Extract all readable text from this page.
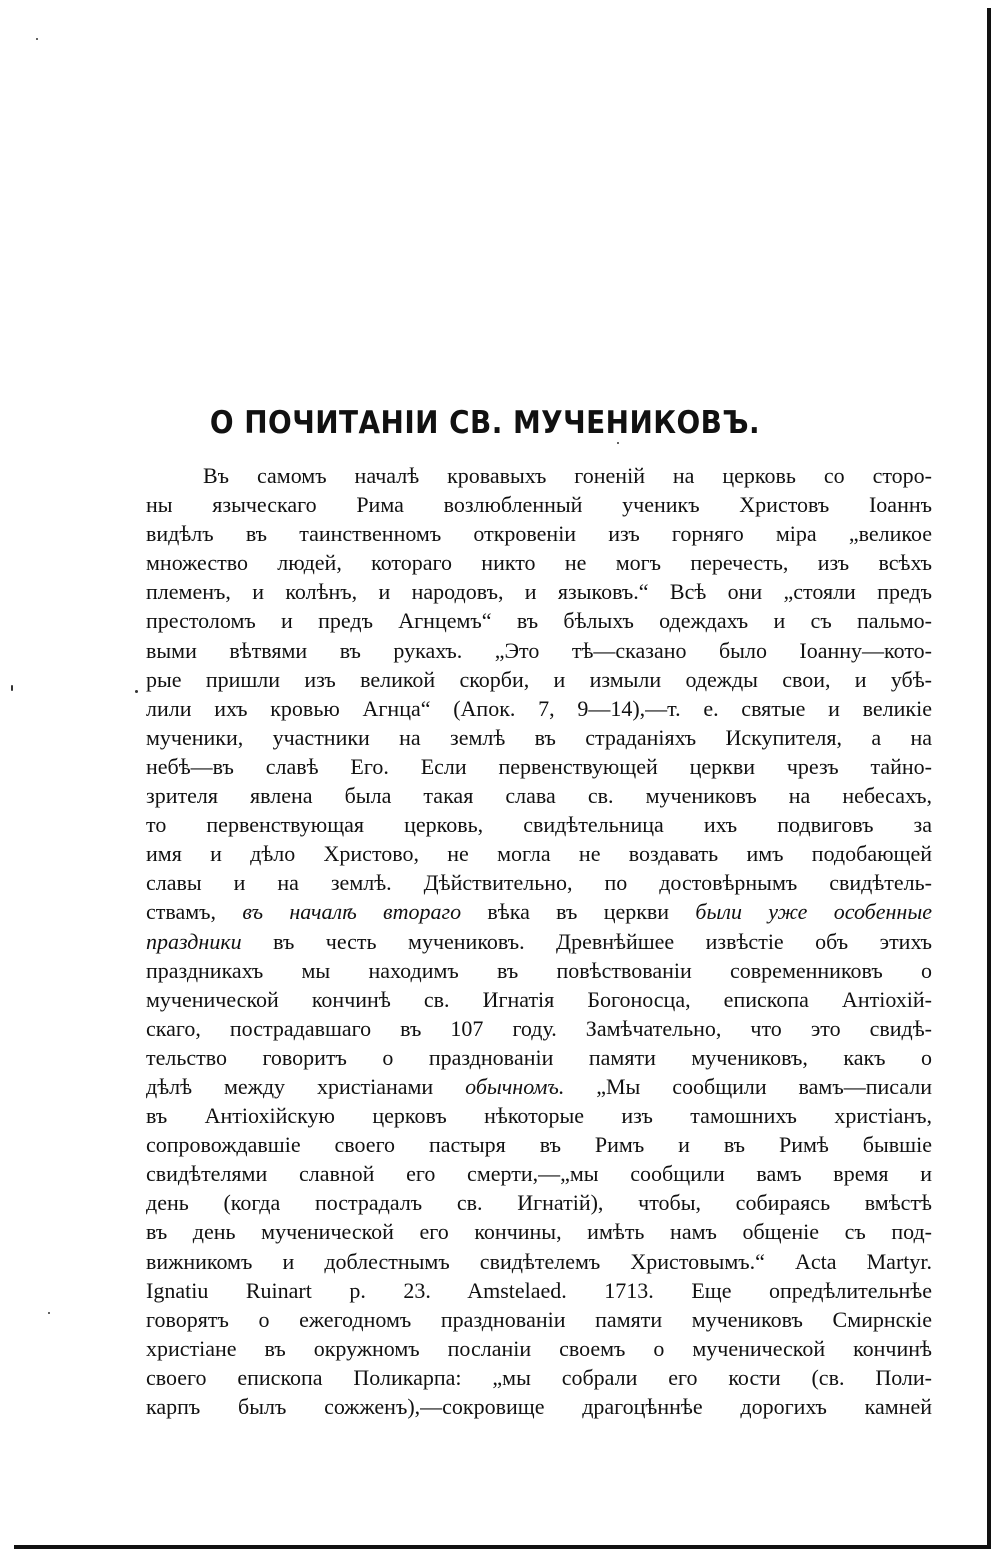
О ПОЧИТАНІИ СВ. МУЧЕНИКОВЪ.
Въ самомъ началѣ кровавыхъ гоненій на церковь со сторо-
ны языческаго Рима возлюбленный ученикъ Христовъ Іоаннъ
видѣлъ въ таинственномъ откровеніи изъ горняго міра „великое
множество людей, котораго никто не могъ перечесть, изъ всѣхъ
племенъ, и колѣнъ, и народовъ, и языковъ.“ Всѣ они „стояли предъ
престоломъ и предъ Агнцемъ“ въ бѣлыхъ одеждахъ и съ пальмо-
выми вѣтвями въ рукахъ. „Это тѣ—сказано было Іоанну—кото-
рые пришли изъ великой скорби, и измыли одежды свои, и убѣ-
лили ихъ кровью Агнца“ (Апок. 7, 9—14),—т. е. святые и великіе
мученики, участники на землѣ въ страданіяхъ Искупителя, а на
небѣ—въ славѣ Его. Если первенствующей церкви чрезъ тайно-
зрителя явлена была такая слава св. мучениковъ на небесахъ,
то первенствующая церковь, свидѣтельница ихъ подвиговъ за
имя и дѣло Христово, не могла не воздавать имъ подобающей
славы и на землѣ. Дѣйствительно, по достовѣрнымъ свидѣтель-
ствамъ, въ началѣ втораго вѣка въ церкви были уже особенные
праздники въ честь мучениковъ. Древнѣйшее извѣстіе объ этихъ
праздникахъ мы находимъ въ повѣствованіи современниковъ о
мученической кончинѣ св. Игнатія Богоносца, епископа Антіохій-
скаго, пострадавшаго въ 107 году. Замѣчательно, что это свидѣ-
тельство говоритъ о праздновaніи памяти мучениковъ, какъ о
дѣлѣ между христіанами обычномъ. „Мы сообщили вамъ—писали
въ Антіохійскую церковъ нѣкоторые изъ тамошнихъ христіанъ,
сопровождавшіе своего пастыря въ Римъ и въ Римѣ бывшіе
свидѣтелями славной его смерти,—„мы сообщили вамъ время и
день (когда пострадалъ св. Игнатій), чтобы, собираясь вмѣстѣ
въ день мученической его кончины, имѣть намъ общеніе съ под-
вижникомъ и доблестнымъ свидѣтелемъ Христовымъ.“ Acta Martyr.
Ignatiu Ruinart p. 23. Amstelaed. 1713. Еще опредѣлительнѣе
говорятъ о ежегодномъ праздновaніи памяти мучениковъ Смирнскіе
христіане въ окружномъ посланіи своемъ о мученической кончинѣ
своего епископа Поликарпа: „мы собрали его кости (св. Поли-
карпъ былъ сожженъ),—сокровище драгоцѣннѣе дорогихъ камней
